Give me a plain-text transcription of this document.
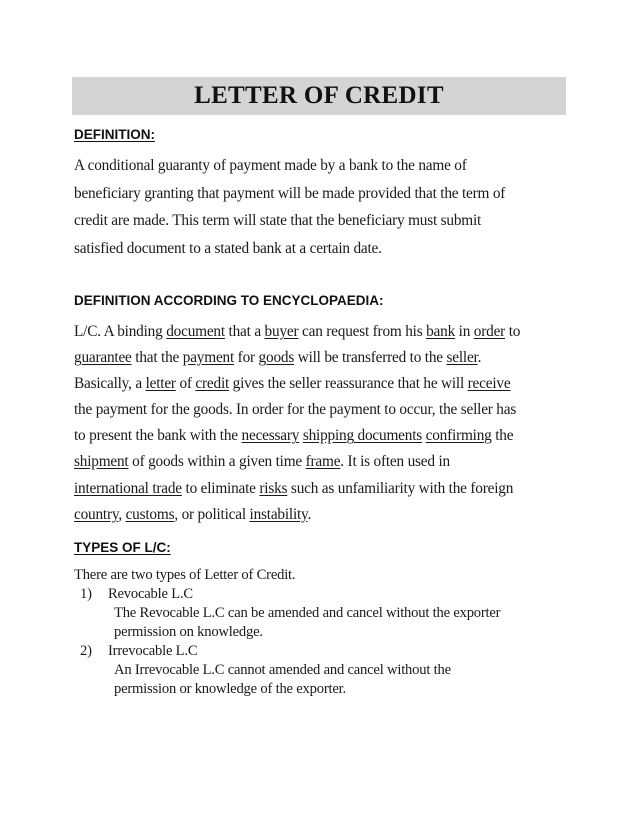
LETTER OF CREDIT

DEFINITION:

A conditional guaranty of payment made by a bank to the name of
beneficiary granting that payment will be made provided that the term of
credit are made. This term will state that the beneficiary must submit
satisfied document to a stated bank at a certain date.

DEFINITION ACCORDING TO ENCYCLOPAEDIA:

L/C. A binding document that a buyer can request from his bank in order to
guarantee that the payment for goods will be transferred to the seller.
Basically, a letter of credit gives the seller reassurance that he will receive
the payment for the goods. In order for the payment to occur, the seller has
to present the bank with the necessary shipping documents confirming the
shipment of goods within a given time frame. It is often used in
international trade to eliminate risks such as unfamiliarity with the foreign
country, customs, or political instability.

TYPES OF L/C:

There are two types of Letter of Credit.
1) Revocable L.C
The Revocable L.C can be amended and cancel without the exporter
permission on knowledge.
2) Irrevocable L.C
An Irrevocable L.C cannot amended and cancel without the
permission or knowledge of the exporter.
